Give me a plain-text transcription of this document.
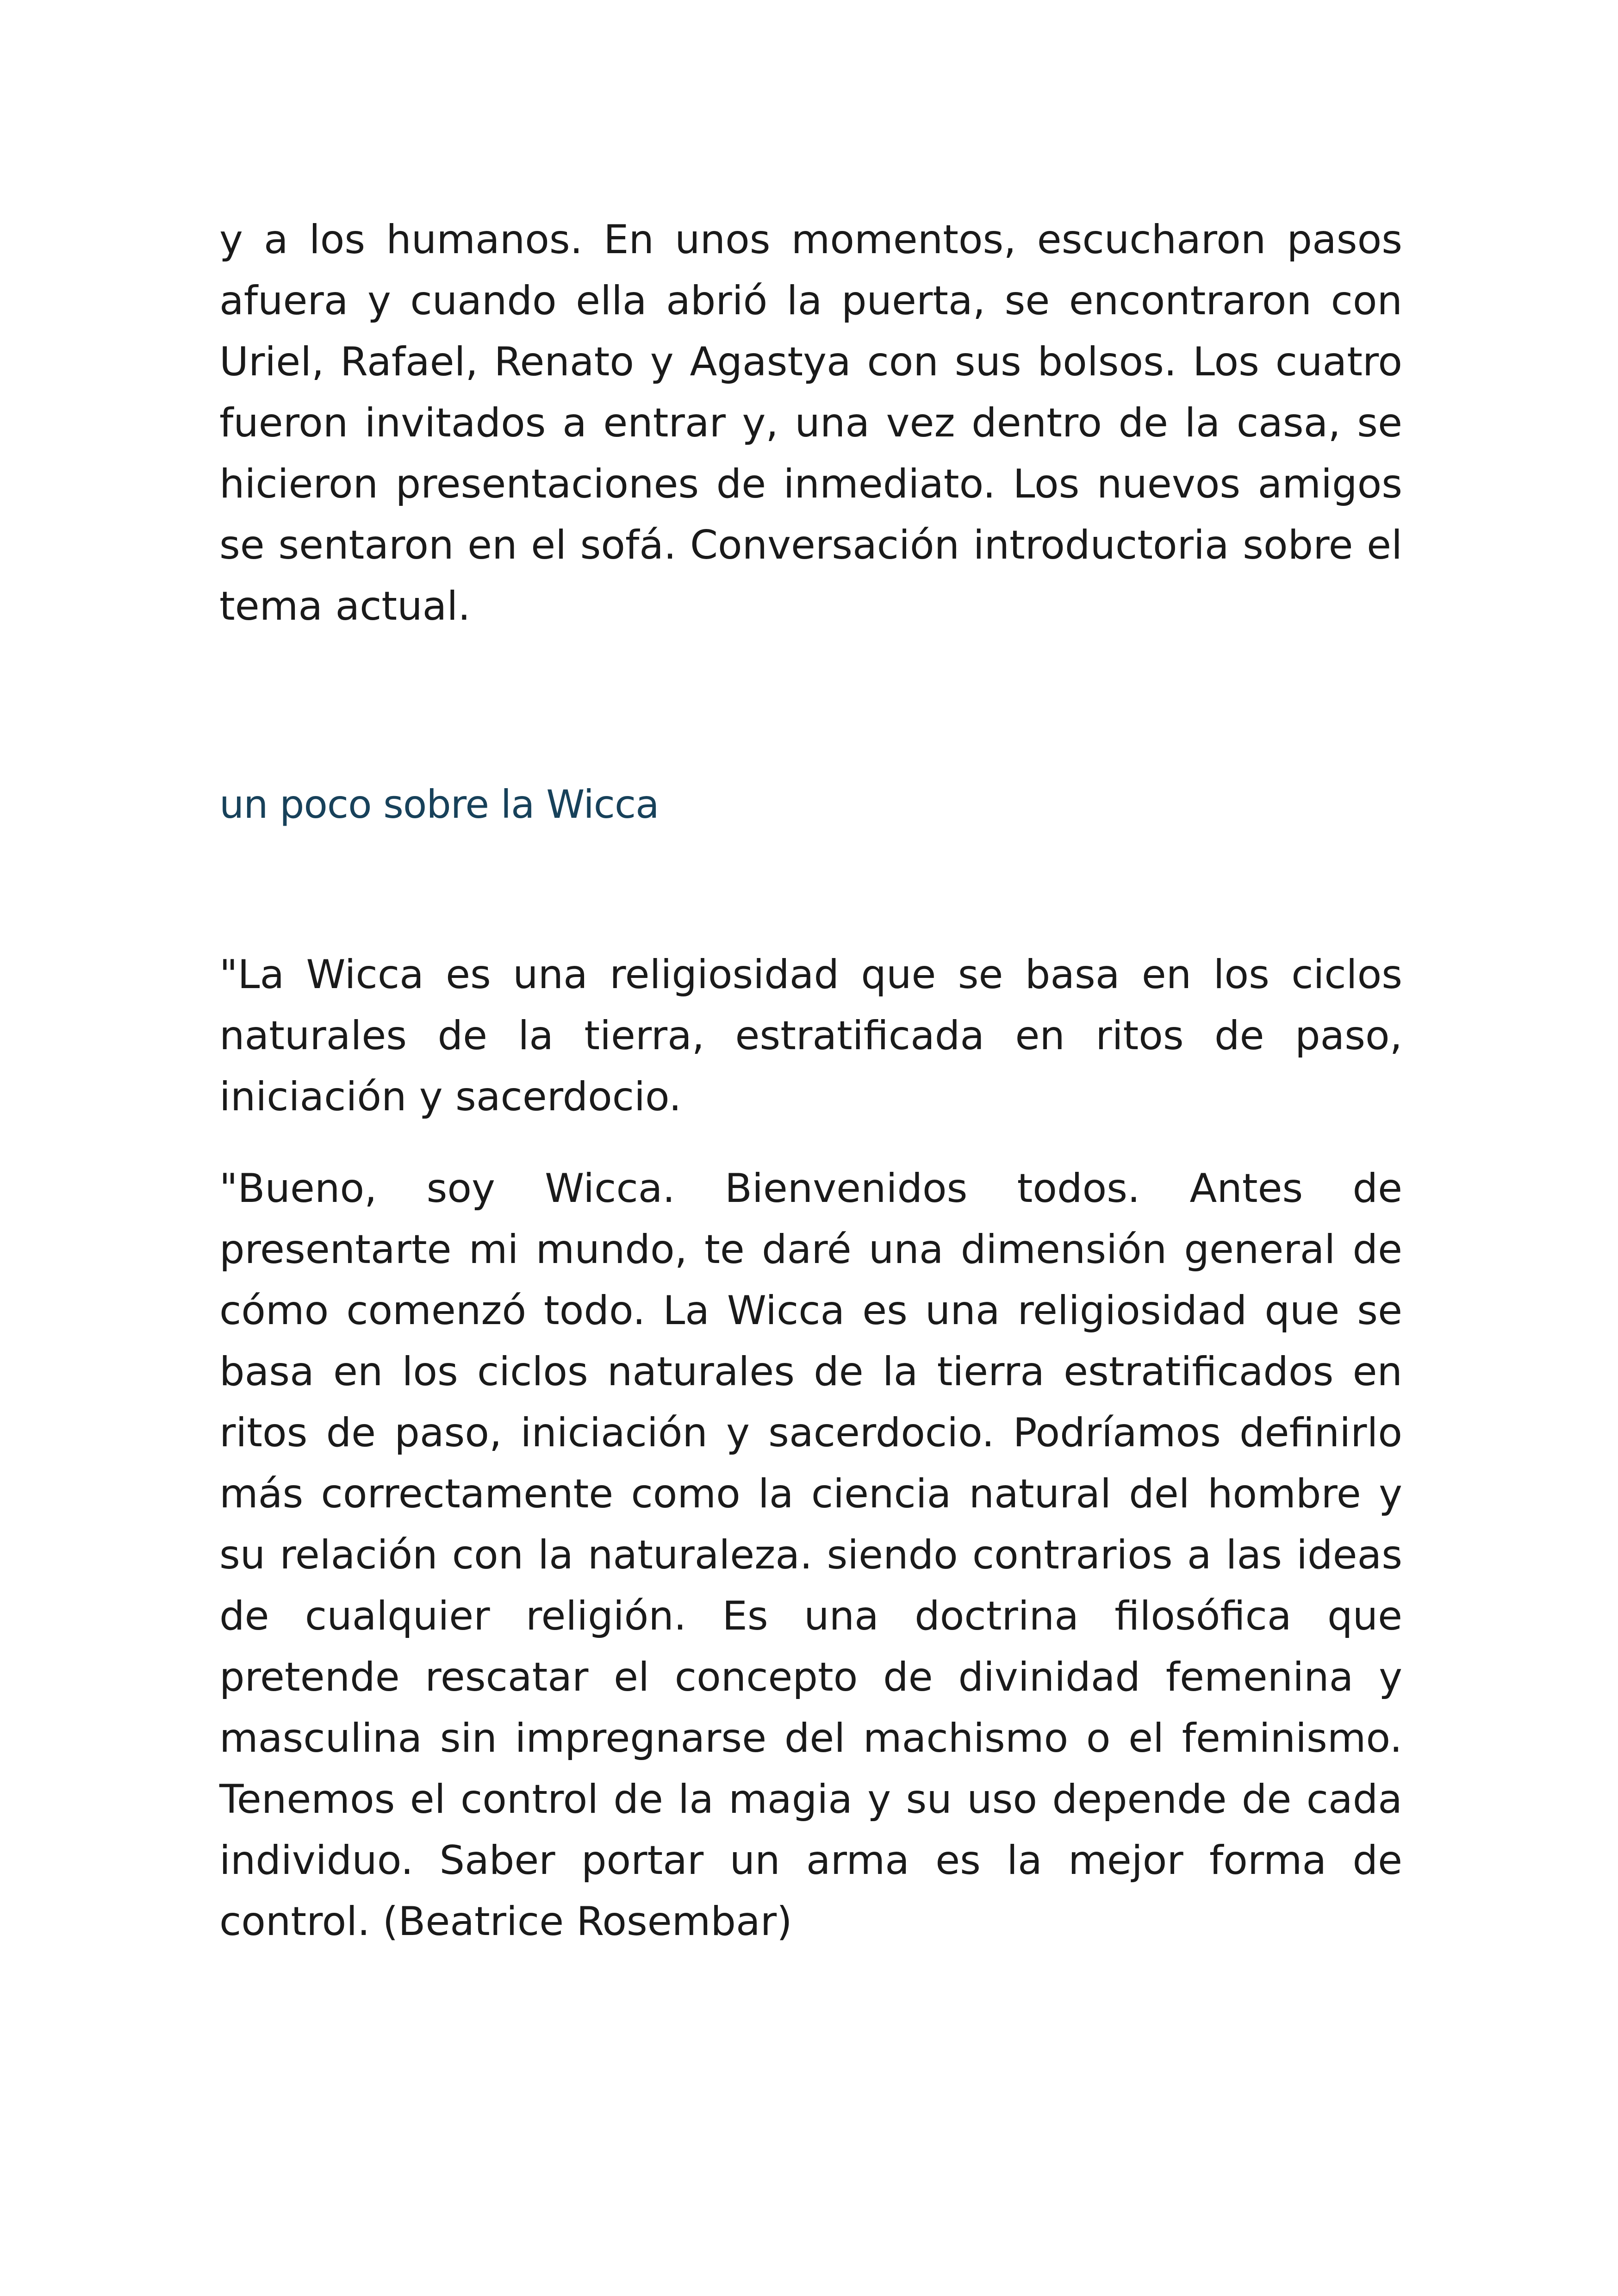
y a los humanos. En unos momentos, escucharon pasos afuera y cuando ella abrió la puerta, se encontraron con Uriel, Rafael, Renato y Agastya con sus bolsos. Los cuatro fueron invitados a entrar y, una vez dentro de la casa, se hicieron presentaciones de inmediato. Los nuevos amigos se sentaron en el sofá. Conversación introductoria sobre el tema actual.

un poco sobre la Wicca

"La Wicca es una religiosidad que se basa en los ciclos naturales de la tierra, estratificada en ritos de paso, iniciación y sacerdocio.

"Bueno, soy Wicca. Bienvenidos todos. Antes de presentarte mi mundo, te daré una dimensión general de cómo comenzó todo. La Wicca es una religiosidad que se basa en los ciclos naturales de la tierra estratificados en ritos de paso, iniciación y sacerdocio. Podríamos definirlo más correctamente como la ciencia natural del hombre y su relación con la naturaleza. siendo contrarios a las ideas de cualquier religión. Es una doctrina filosófica que pretende rescatar el concepto de divinidad femenina y masculina sin impregnarse del machismo o el feminismo. Tenemos el control de la magia y su uso depende de cada individuo. Saber portar un arma es la mejor forma de control. (Beatrice Rosembar)
